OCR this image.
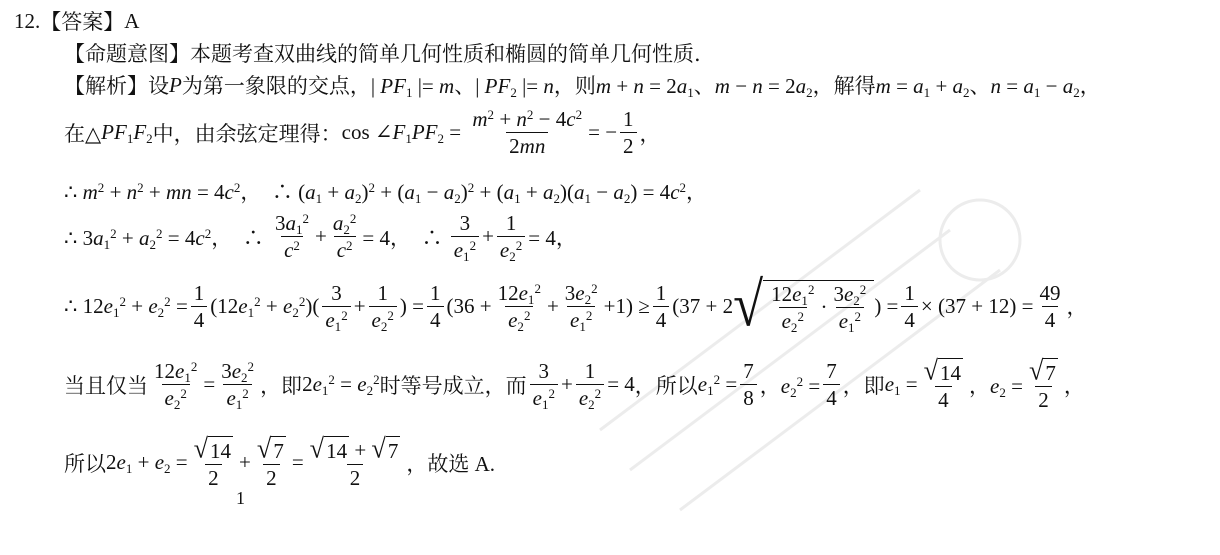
12. 【答案】 A
【命题意图】 本题考查双曲线的简单几何性质和椭圆的简单几何性质.
【解析】 设 P 为第一象限的交点， | $PF_1$ |= m、| $PF_2$ |= n ，则 $m + n = 2a_1$、$m - n = 2a_2$ ，解得 $m = a_1 + a_2$、$n = a_1 - a_2$，
在△ $PF_1F_2$ 中，由余弦定理得： $\cos \angle F_1PF_2 = \frac{m^2 + n^2 - 4c^2}{2mn}$ = − $\frac{1}{2}$ ，
∴ $m^2 + n^2$ + mn = $4c^2$，  ∴ $(a_1 + a_2)^2 + (a_1 - a_2)^2 + (a_1 + a_2)(a_1 - a_2) = 4c^2$，
∴ $3a_1^2 + a_2^2 = 4c^2$，  ∴ $\frac{3a_1^2}{c^2} + \frac{a_2^2}{c^2} = 4$，  ∴ $\frac{3}{e_1^2} + \frac{1}{e_2^2} = 4$，
∴ $12e_1^2 + e_2^2 = \frac{1}{4} (12e_1^2 + e_2^2)( \frac{3}{e_1^2} + \frac{1}{e_2^2}$ ) = $\frac{1}{4} (36 + \frac{12e_1^2}{e_2^2} + \frac{3e_2^2}{e_1^2} +1) \ge \frac{1}{4} (37 + 2$ √ $\frac{12e_1^2}{e_2^2} \cdot \frac{3e_2^2}{e_1^2}$ ) = $\frac{1}{4} \times (37 + 12) = \frac{49}{4}$ ，
当且仅当 $\frac{12e_1^2}{e_2^2} = \frac{3e_2^2}{e_1^2}$ ，即 $2e_1^2 = e_2^2$ 时等号成立，而 $\frac{3}{e_1^2} + \frac{1}{e_2^2} = 4$ ，所以 $e_1^2 = \frac{7}{8}$ ，$e_2^2 = \frac{7}{4}$ ，即 $e_1 = \frac{√ 14}{4}$ ，$e_2 = \frac{√ 7}{2}$ ，
所以 $2e_1 + e_2 = \frac{√ 14}{2} + \frac{√ 7}{2} = \frac{√ 14 + √ 7}{2}$ ，故选 A.
1
